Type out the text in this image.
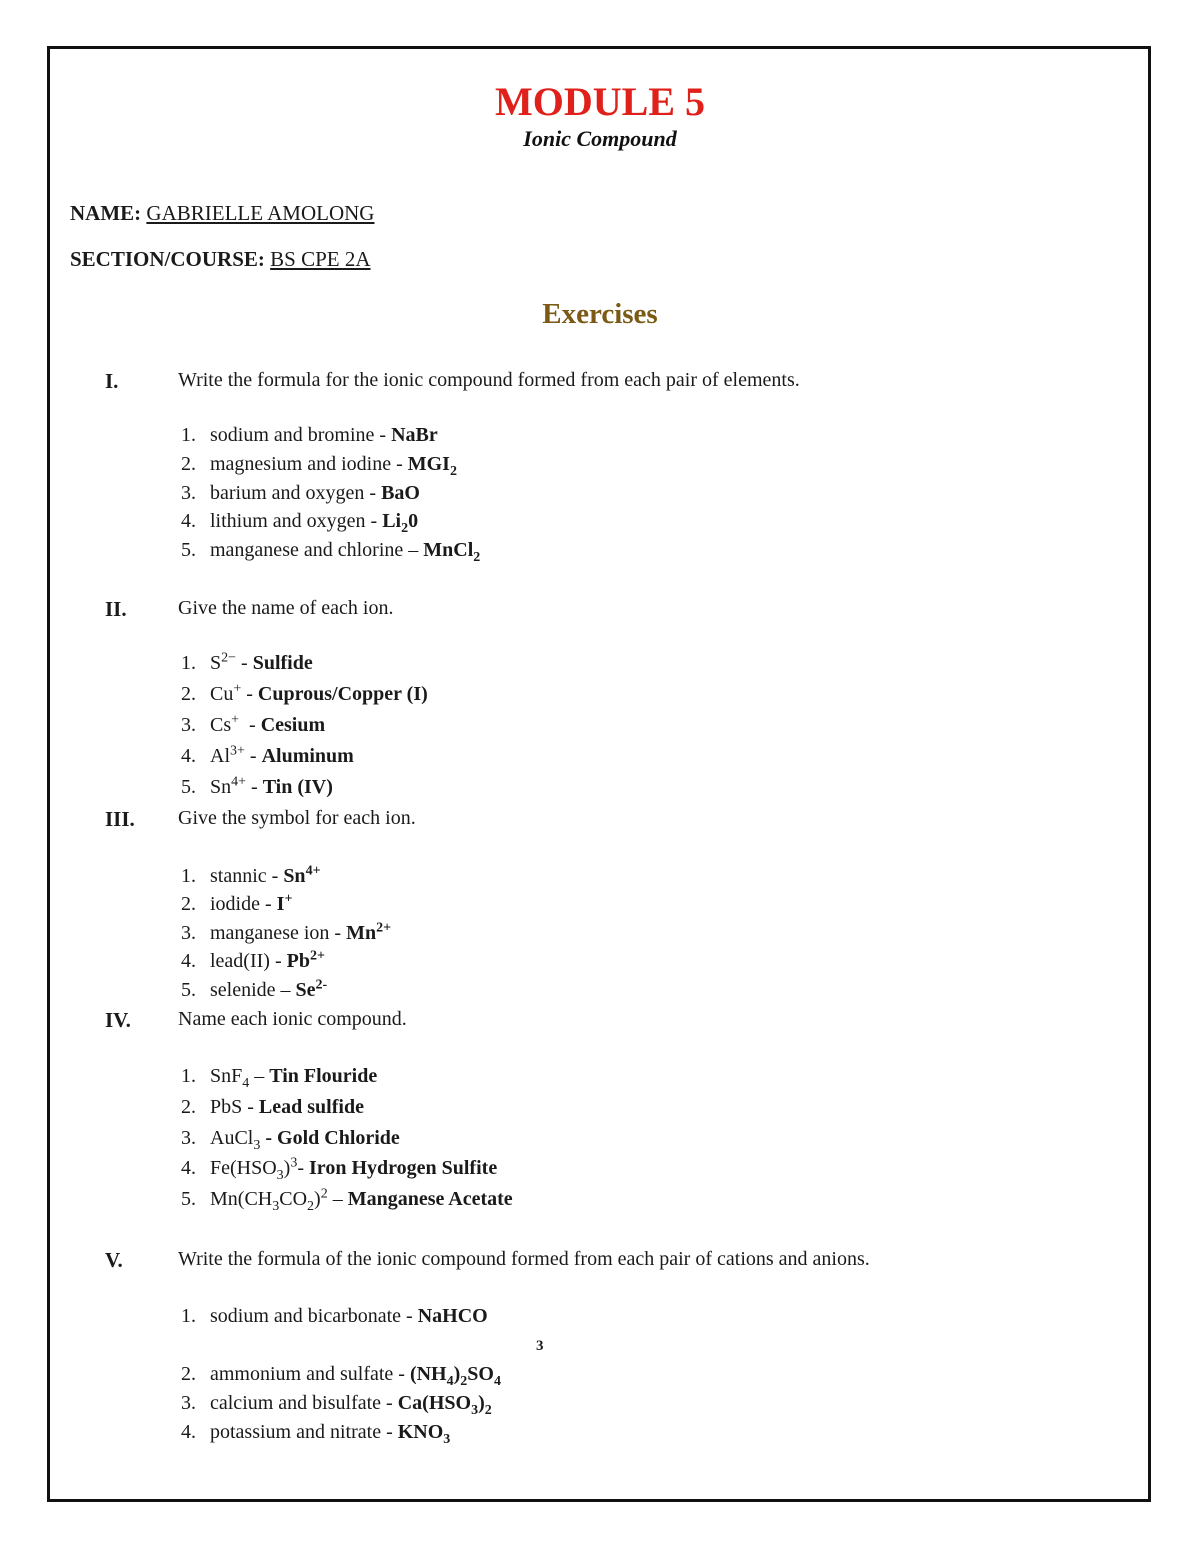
MODULE 5
Ionic Compound
NAME: GABRIELLE AMOLONG
SECTION/COURSE: BS CPE 2A
Exercises
I.	Write the formula for the ionic compound formed from each pair of elements.
1. sodium and bromine - NaBr
2. magnesium and iodine - $MGI_2$
3. barium and oxygen - BaO
4. lithium and oxygen - $Li_20$
5. manganese and chlorine – MnCl$_2$
II.	Give the name of each ion.
1. $S^{2-}$ - Sulfide
2. Cu+ - Cuprous/Copper (I)
3. Cs+  - Cesium
4. $Al^{3+}$ - Aluminum
5. $Sn^{4+}$ - Tin (IV)
III. Give the symbol for each ion.
1. stannic - $Sn^{4+}$
2. iodide - I+
3. manganese ion - $Mn^{2+}$
4. lead(II) - $Pb^{2+}$
5. selenide – $Se^{2-}$
IV. Name each ionic compound.
1. SnF$_4$ – Tin Flouride
2. PbS - Lead sulfide
3. AuCl$_3$ - Gold Chloride
4. $Fe(HSO_3)^3-$ Iron Hydrogen Sulfite
5. $Mn(CH_3CO_2)^2$ – Manganese Acetate
V.	Write the formula of the ionic compound formed from each pair of cations and anions.
1. sodium and bicarbonate - NaHCO
3
2. ammonium and sulfate - $(NH_4)_2SO_4$
3. calcium and bisulfate - $Ca(HSO_3)_2$
4. potassium and nitrate - $KNO_3$
